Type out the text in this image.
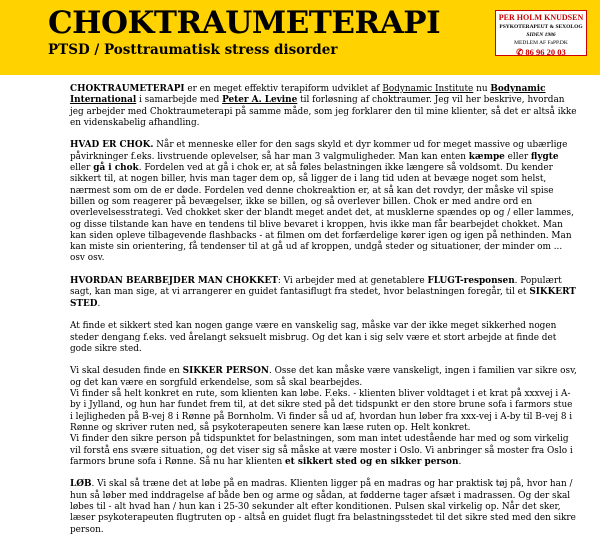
CHOKTRAUMETERAPI
PTSD / Posttraumatisk stress disorder
PER HOLM KNUDSEN
PSYKOTERAPEUT & SEXOLOG
SIDEN 1986
MEDLEM AF FaPP.DK
✆ 86 96 20 03

CHOKTRAUMETERAPI er en meget effektiv terapiform udviklet af Bodynamic Institute nu Bodynamic International i samarbejde med Peter A. Levine til forløsning af choktraumer. Jeg vil her beskrive, hvordan jeg arbejder med Choktraumeterapi på samme måde, som jeg forklarer den til mine klienter, så det er altså ikke en videnskabelig afhandling.

HVAD ER CHOK. Når et menneske eller for den sags skyld et dyr kommer ud for meget massive og ubærlige påvirkninger f.eks. livstruende oplevelser, så har man 3 valgmuligheder. Man kan enten kæmpe eller flygte eller gå i chok. Fordelen ved at gå i chok er, at så føles belastningen ikke længere så voldsomt. Du kender sikkert til, at nogen biller, hvis man tager dem op, så ligger de i lang tid uden at bevæge noget som helst, nærmest som om de er døde. Fordelen ved denne chokreaktion er, at så kan det rovdyr, der måske vil spise billen og som reagerer på bevægelser, ikke se billen, og så overlever billen. Chok er med andre ord en overlevelsesstrategi. Ved chokket sker der blandt meget andet det, at musklerne spændes op og / eller lammes, og disse tilstande kan have en tendens til blive bevaret i kroppen, hvis ikke man får bearbejdet chokket. Man kan siden opleve tilbagevende flashbacks - at filmen om det forfærdelige kører igen og igen på nethinden. Man kan miste sin orientering, få tendenser til at gå ud af kroppen, undgå steder og situationer, der minder om ... osv osv.

HVORDAN BEARBEJDER MAN CHOKKET: Vi arbejder med at genetablere FLUGT-responsen. Populært sagt, kan man sige, at vi arrangerer en guidet fantasiflugt fra stedet, hvor belastningen foregår, til et SIKKERT STED.

At finde et sikkert sted kan nogen gange være en vanskelig sag, måske var der ikke meget sikkerhed nogen steder dengang f.eks. ved årelangt seksuelt misbrug. Og det kan i sig selv være et stort arbejde at finde det gode sikre sted.

Vi skal desuden finde en SIKKER PERSON. Osse det kan måske være vanskeligt, ingen i familien var sikre osv, og det kan være en sorgfuld erkendelse, som så skal bearbejdes.
Vi finder så helt konkret en rute, som klienten kan løbe. F.eks. - klienten bliver voldtaget i et krat på xxxvej i A-by i Jylland, og hun har fundet frem til, at det sikre sted på det tidspunkt er den store brune sofa i farmors stue i lejligheden på B-vej 8 i Rønne på Bornholm. Vi finder så ud af, hvordan hun løber fra xxx-vej i A-by til B-vej 8 i Rønne og skriver ruten ned, så psykoterapeuten senere kan læse ruten op. Helt konkret.
Vi finder den sikre person på tidspunktet for belastningen, som man intet udestående har med og som virkelig vil forstå ens svære situation, og det viser sig så måske at være moster i Oslo. Vi anbringer så moster fra Oslo i farmors brune sofa i Rønne. Så nu har klienten et sikkert sted og en sikker person.

LØB. Vi skal så træne det at løbe på en madras. Klienten ligger på en madras og har praktisk tøj på, hvor han / hun så løber med inddragelse af både ben og arme og sådan, at fødderne tager afsæt i madrassen. Og der skal løbes til - alt hvad han / hun kan i 25-30 sekunder alt efter konditionen. Pulsen skal virkelig op. Når det sker, læser psykoterapeuten flugtruten op - altså en guidet flugt fra belastningsstedet til det sikre sted med den sikre person.
